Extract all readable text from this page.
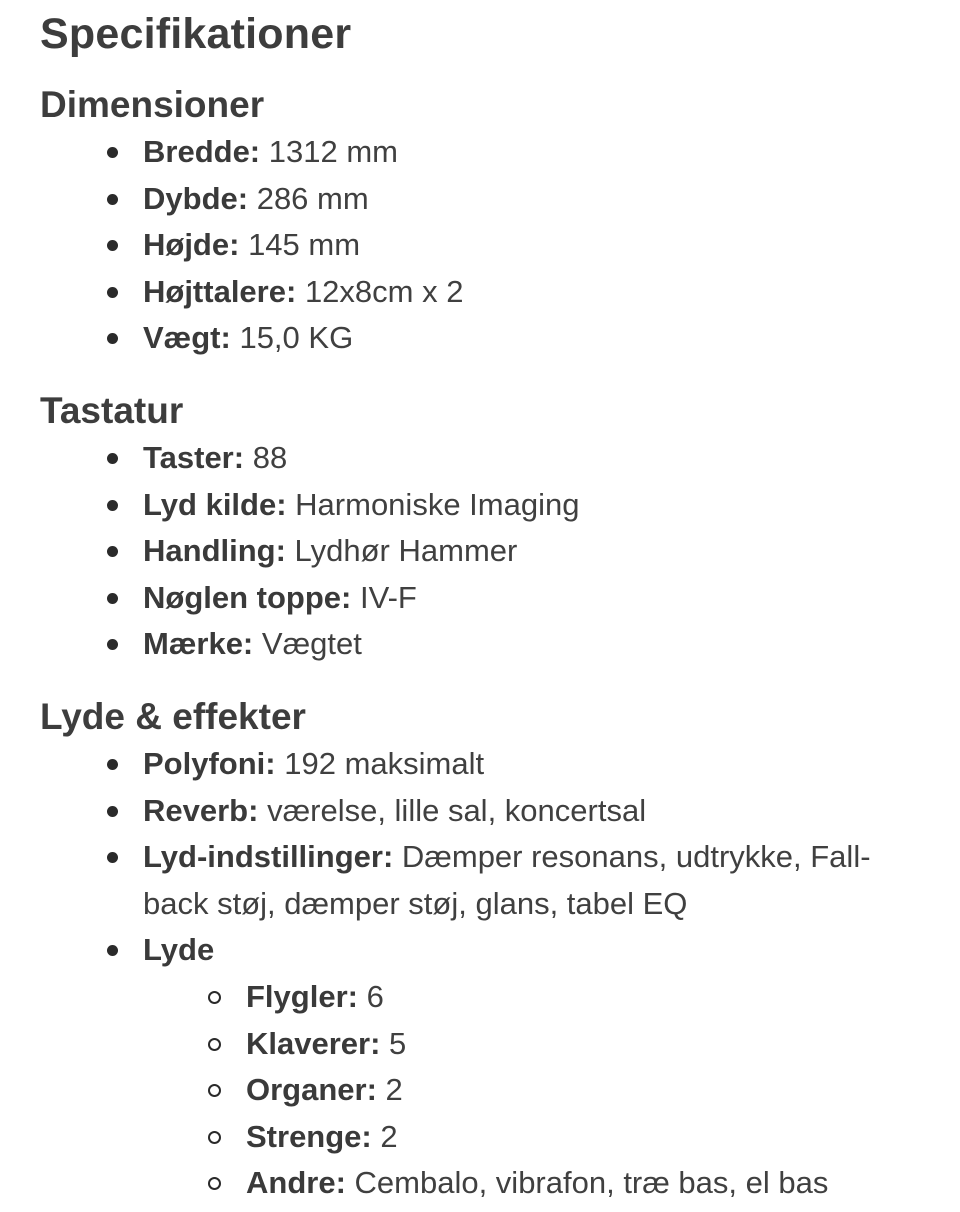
Specifikationer
Dimensioner
Bredde: 1312 mm
Dybde: 286 mm
Højde: 145 mm
Højttalere: 12x8cm x 2
Vægt: 15,0 KG
Tastatur
Taster: 88
Lyd kilde: Harmoniske Imaging
Handling: Lydhør Hammer
Nøglen toppe: IV-F
Mærke: Vægtet
Lyde & effekter
Polyfoni: 192 maksimalt
Reverb: værelse, lille sal, koncertsal
Lyd-indstillinger: Dæmper resonans, udtrykke, Fall-back støj, dæmper støj, glans, tabel EQ
Lyde
Flygler: 6
Klaverer: 5
Organer: 2
Strenge: 2
Andre: Cembalo, vibrafon, træ bas, el bas
